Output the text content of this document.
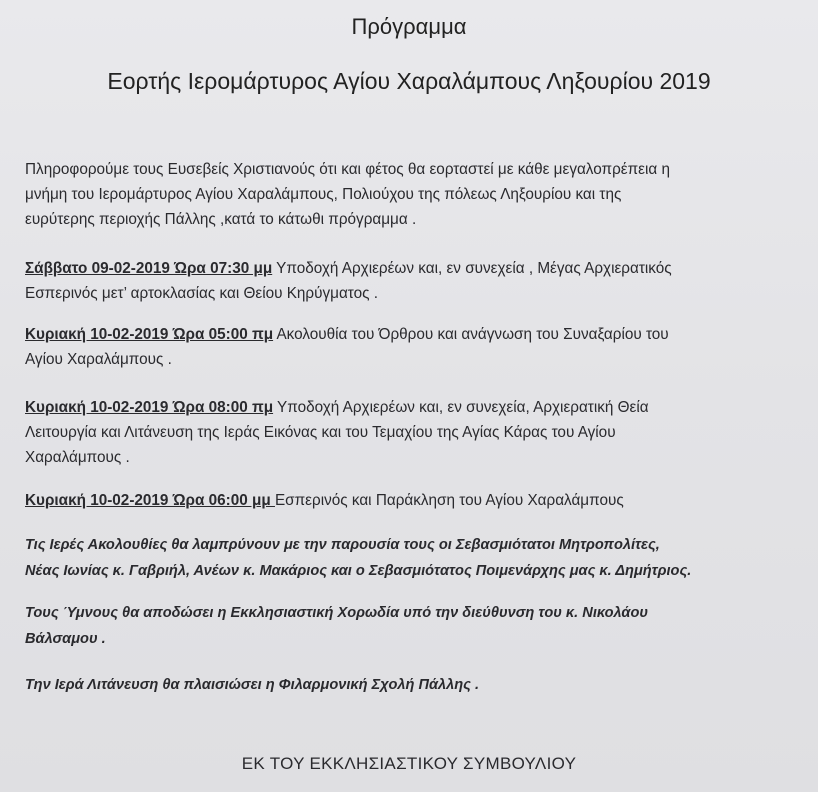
Πρόγραμμα
Εορτής Ιερομάρτυρος Αγίου Χαραλάμπους Ληξουρίου 2019
Πληροφορούμε τους Ευσεβείς Χριστιανούς ότι και φέτος θα εορταστεί με κάθε μεγαλοπρέπεια η
μνήμη του Ιερομάρτυρος Αγίου Χαραλάμπους, Πολιούχου της πόλεως Ληξουρίου και της
ευρύτερης περιοχής Πάλλης ,κατά το κάτωθι πρόγραμμα .
Σάββατο 09-02-2019 Ώρα 07:30 μμ Υποδοχή Αρχιερέων και, εν συνεχεία , Μέγας Αρχιερατικός
Εσπερινός μετ’ αρτοκλασίας και Θείου Κηρύγματος .
Κυριακή 10-02-2019 Ώρα 05:00 πμ Ακολουθία του Όρθρου και ανάγνωση του Συναξαρίου του
Αγίου Χαραλάμπους .
Κυριακή 10-02-2019 Ώρα 08:00 πμ Υποδοχή Αρχιερέων και, εν συνεχεία, Αρχιερατική Θεία
Λειτουργία και Λιτάνευση της Ιεράς Εικόνας και του Τεμαχίου της Αγίας Κάρας του Αγίου
Χαραλάμπους .
Κυριακή 10-02-2019 Ώρα 06:00 μμ Εσπερινός και Παράκληση του Αγίου Χαραλάμπους
Τις Ιερές Ακολουθίες θα λαμπρύνουν με την παρουσία τους οι Σεβασμιότατοι Μητροπολίτες,
Νέας Ιωνίας κ. Γαβριήλ, Ανέων κ. Μακάριος και ο Σεβασμιότατος Ποιμενάρχης μας κ. Δημήτριος.
Τους Ύμνους θα αποδώσει η Εκκλησιαστική Χορωδία υπό την διεύθυνση του κ. Νικολάου
Βάλσαμου .
Την Ιερά Λιτάνευση θα πλαισιώσει η Φιλαρμονική Σχολή Πάλλης .
ΕΚ ΤΟΥ ΕΚΚΛΗΣΙΑΣΤΙΚΟΥ ΣΥΜΒΟΥΛΙΟΥ
